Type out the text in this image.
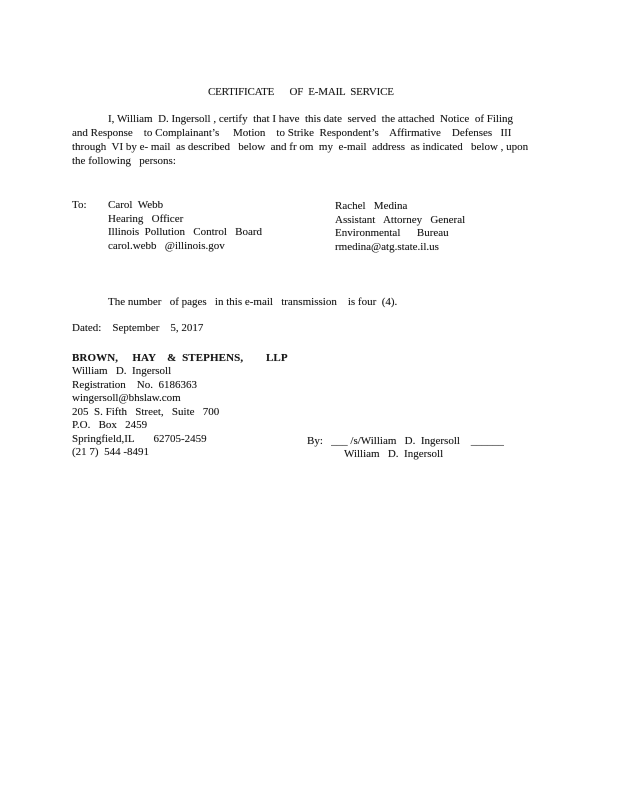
CERTIFICATE      OF  E-MAIL  SERVICE
I, William  D. Ingersoll , certify  that I have  this date  served  the attached  Notice  of Filing
and Response    to Complainant’s     Motion    to Strike  Respondent’s    Affirmative    Defenses   III
through  VI by e- mail  as described   below  and fr om  my  e-mail  address  as indicated   below , upon
the following   persons:
To: Carol  Webb
Hearing   Officer
Illinois  Pollution   Control   Board
carol.webb   @illinois.gov
Rachel   Medina
Assistant   Attorney   General
Environmental      Bureau
rmedina@atg.state.il.us
The number   of pages   in this e-mail   transmission    is four  (4).
Dated:    September    5, 2017
BROWN,     HAY    &  STEPHENS,        LLP
William   D.  Ingersoll
Registration    No.  6186363
wingersoll@bhslaw.com
205  S. Fifth   Street,   Suite   700
P.O.   Box   2459
Springfield,IL       62705-2459
(21 7)  544 -8491
By:   ___ /s/William   D.  Ingersoll    ______
William   D.  Ingersoll
